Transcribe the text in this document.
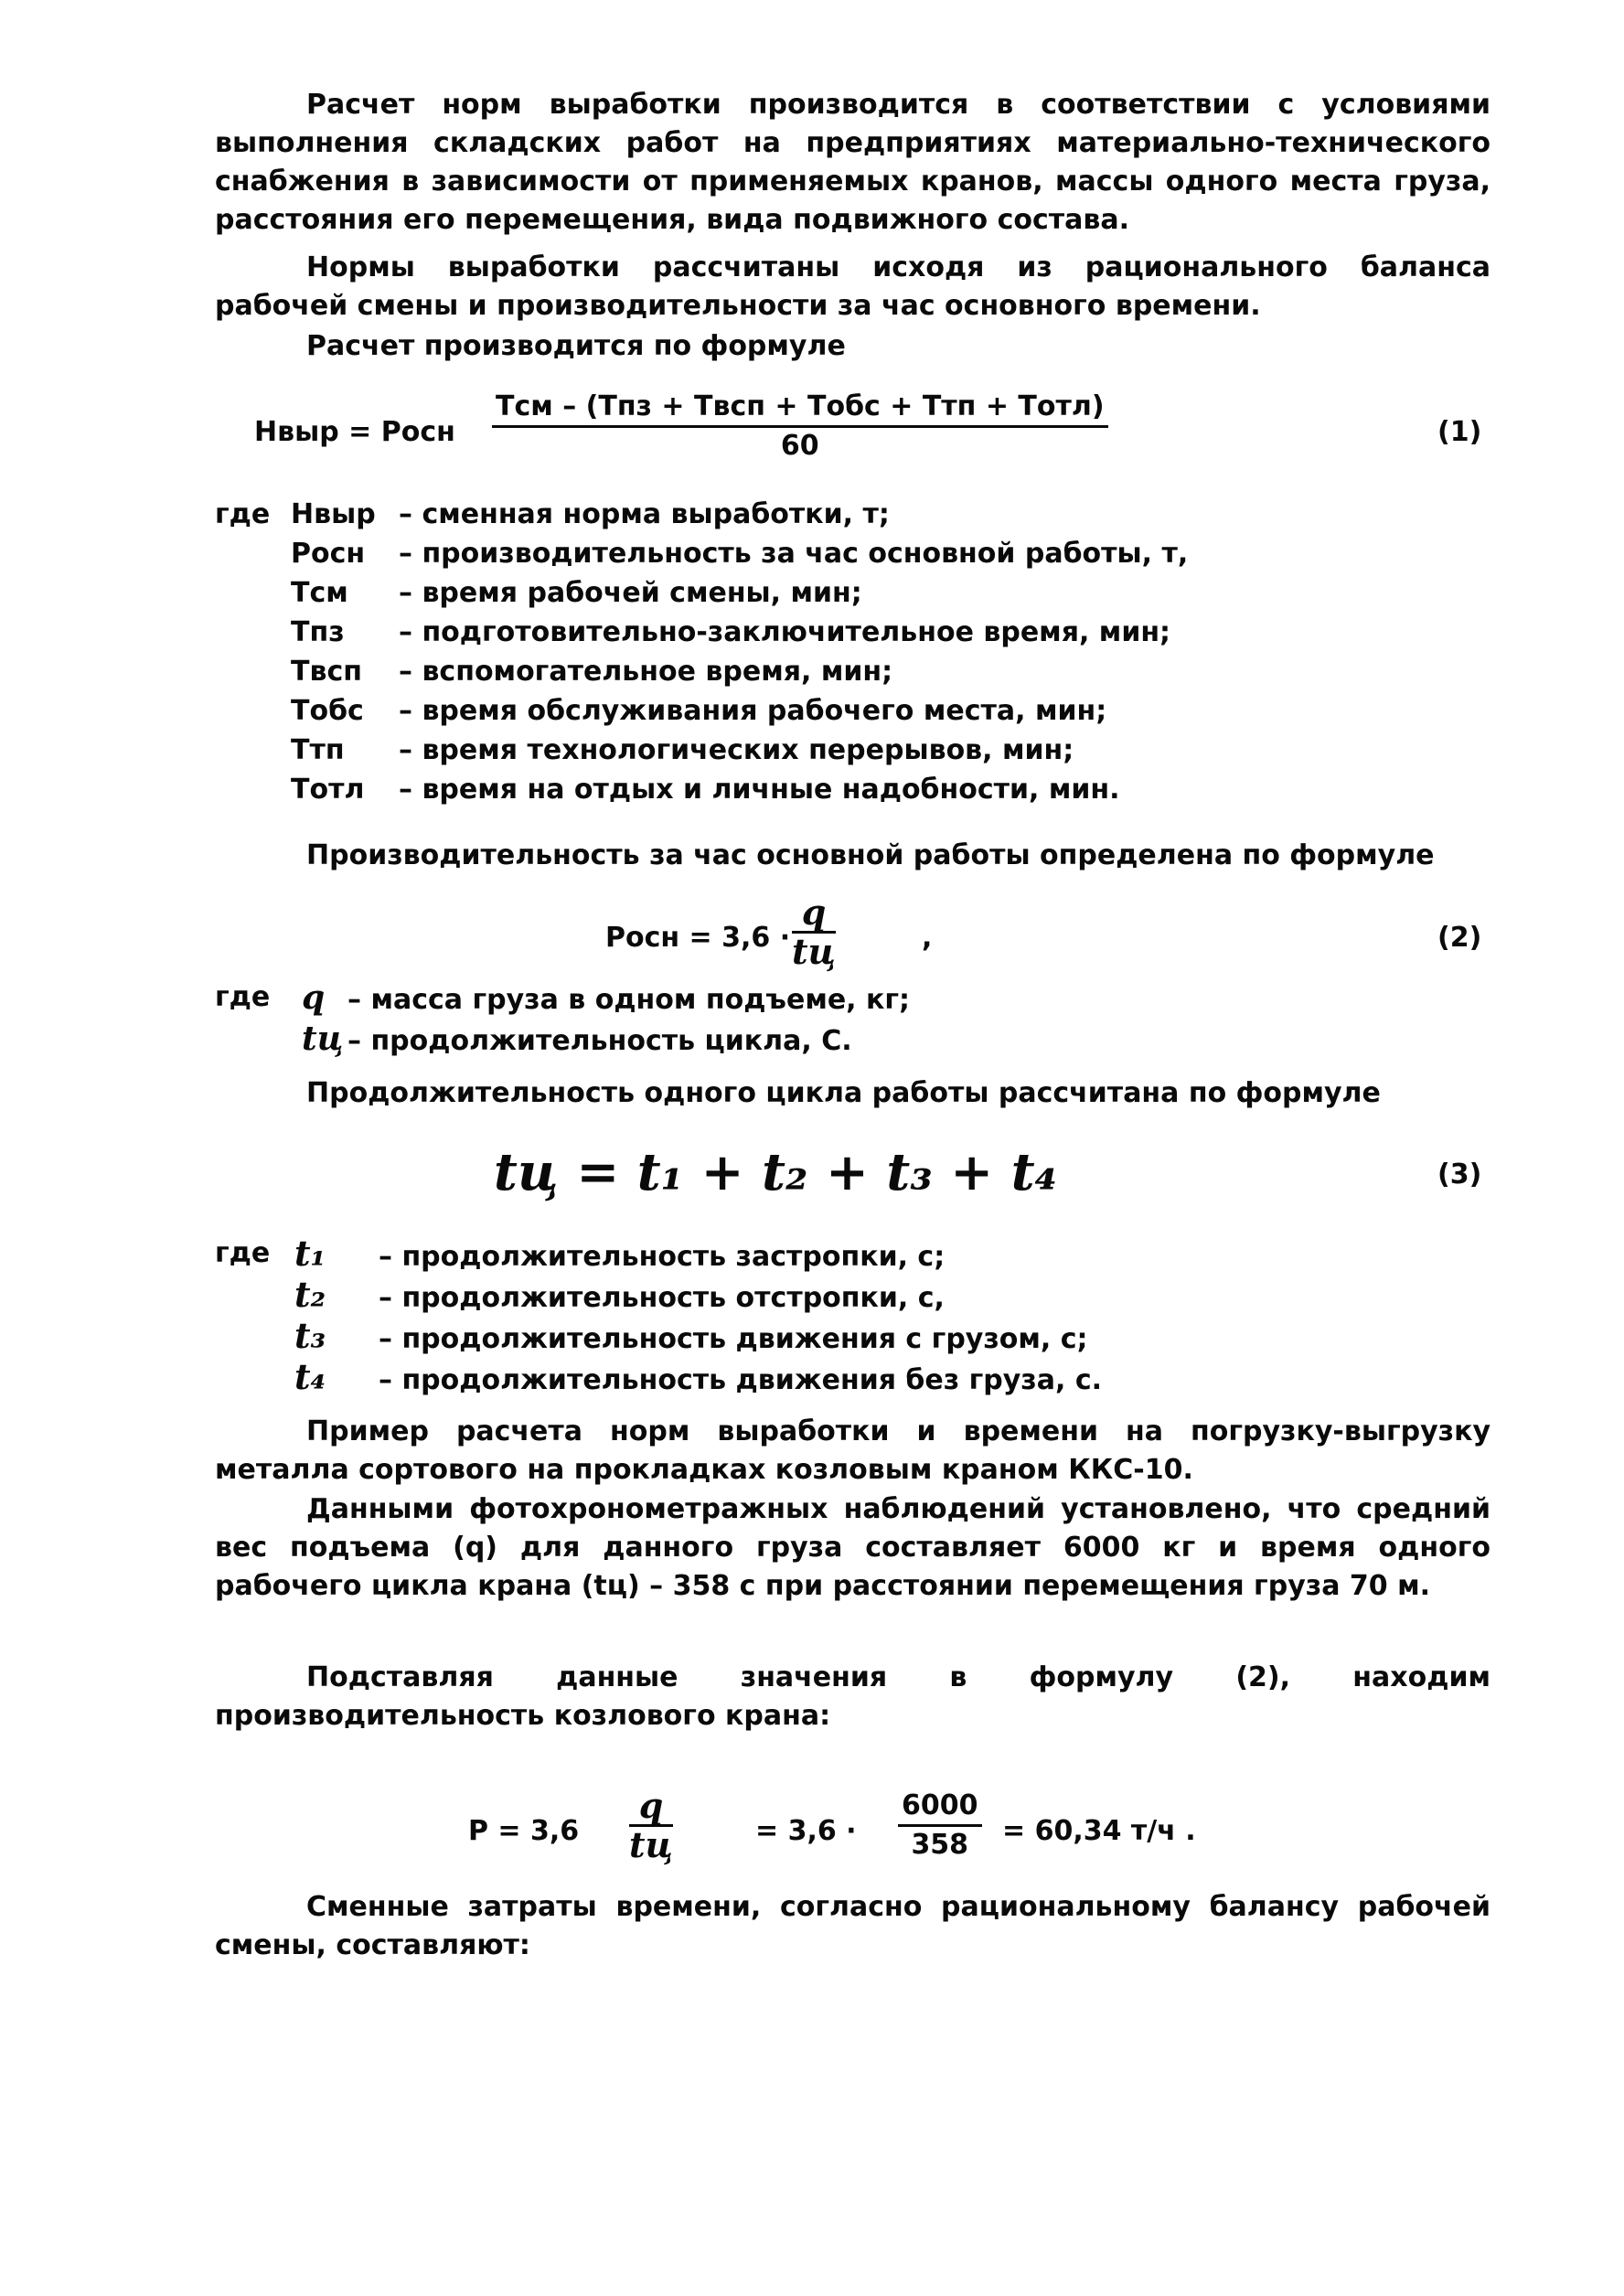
Расчет норм выработки производится в соответствии с условиями выполнения складских работ на предприятиях материально-технического снабжения в зависимости от применяемых кранов, массы одного места груза, расстояния его перемещения, вида подвижного состава.
Нормы выработки рассчитаны исходя из рационального баланса рабочей смены и производительности за час основного времени.
Расчет производится по формуле
Нвыр = Росн
Тсм – (Тпз + Твсп + Тобс + Ттп + Тотл)
60	(1)
где Нвыр – сменная норма выработки, т;
Росн – производительность за час основной работы, т,
Тсм – время рабочей смены, мин;
Тпз – подготовительно-заключительное время, мин;
Твсп – вспомогательное время, мин;
Тобс – время обслуживания рабочего места, мин;
Ттп – время технологических перерывов, мин;
Тотл – время на отдых и личные надобности, мин.
Производительность за час основной работы определена по формуле
Росн = 3,6 ·
q
tц	,	(2)
где q – масса груза в одном подъеме, кг;
tц – продолжительность цикла, С.
Продолжительность одного цикла работы рассчитана по формуле
tц = t₁ + t₂ + t₃ + t₄	(3)
где t₁ – продолжительность застропки, с;
t₂ – продолжительность отстропки, с,
t₃ – продолжительность движения с грузом, с;
t₄ – продолжительность движения без груза, с.
Пример расчета норм выработки и времени на погрузку-выгрузку металла сортового на прокладках козловым краном ККС-10.
Данными фотохронометражных наблюдений установлено, что средний вес подъема (q) для данного груза составляет 6000 кг и время одного рабочего цикла крана (tц) – 358 с при расстоянии перемещения груза 70 м.
Подставляя данные значения в формулу (2), находим производительность козлового крана:
Р = 3,6
q
tц	= $3,6 \cdot \frac{6000}{358} = 60,34$ т/ч .
Сменные затраты времени, согласно рациональному балансу рабочей смены, составляют:
